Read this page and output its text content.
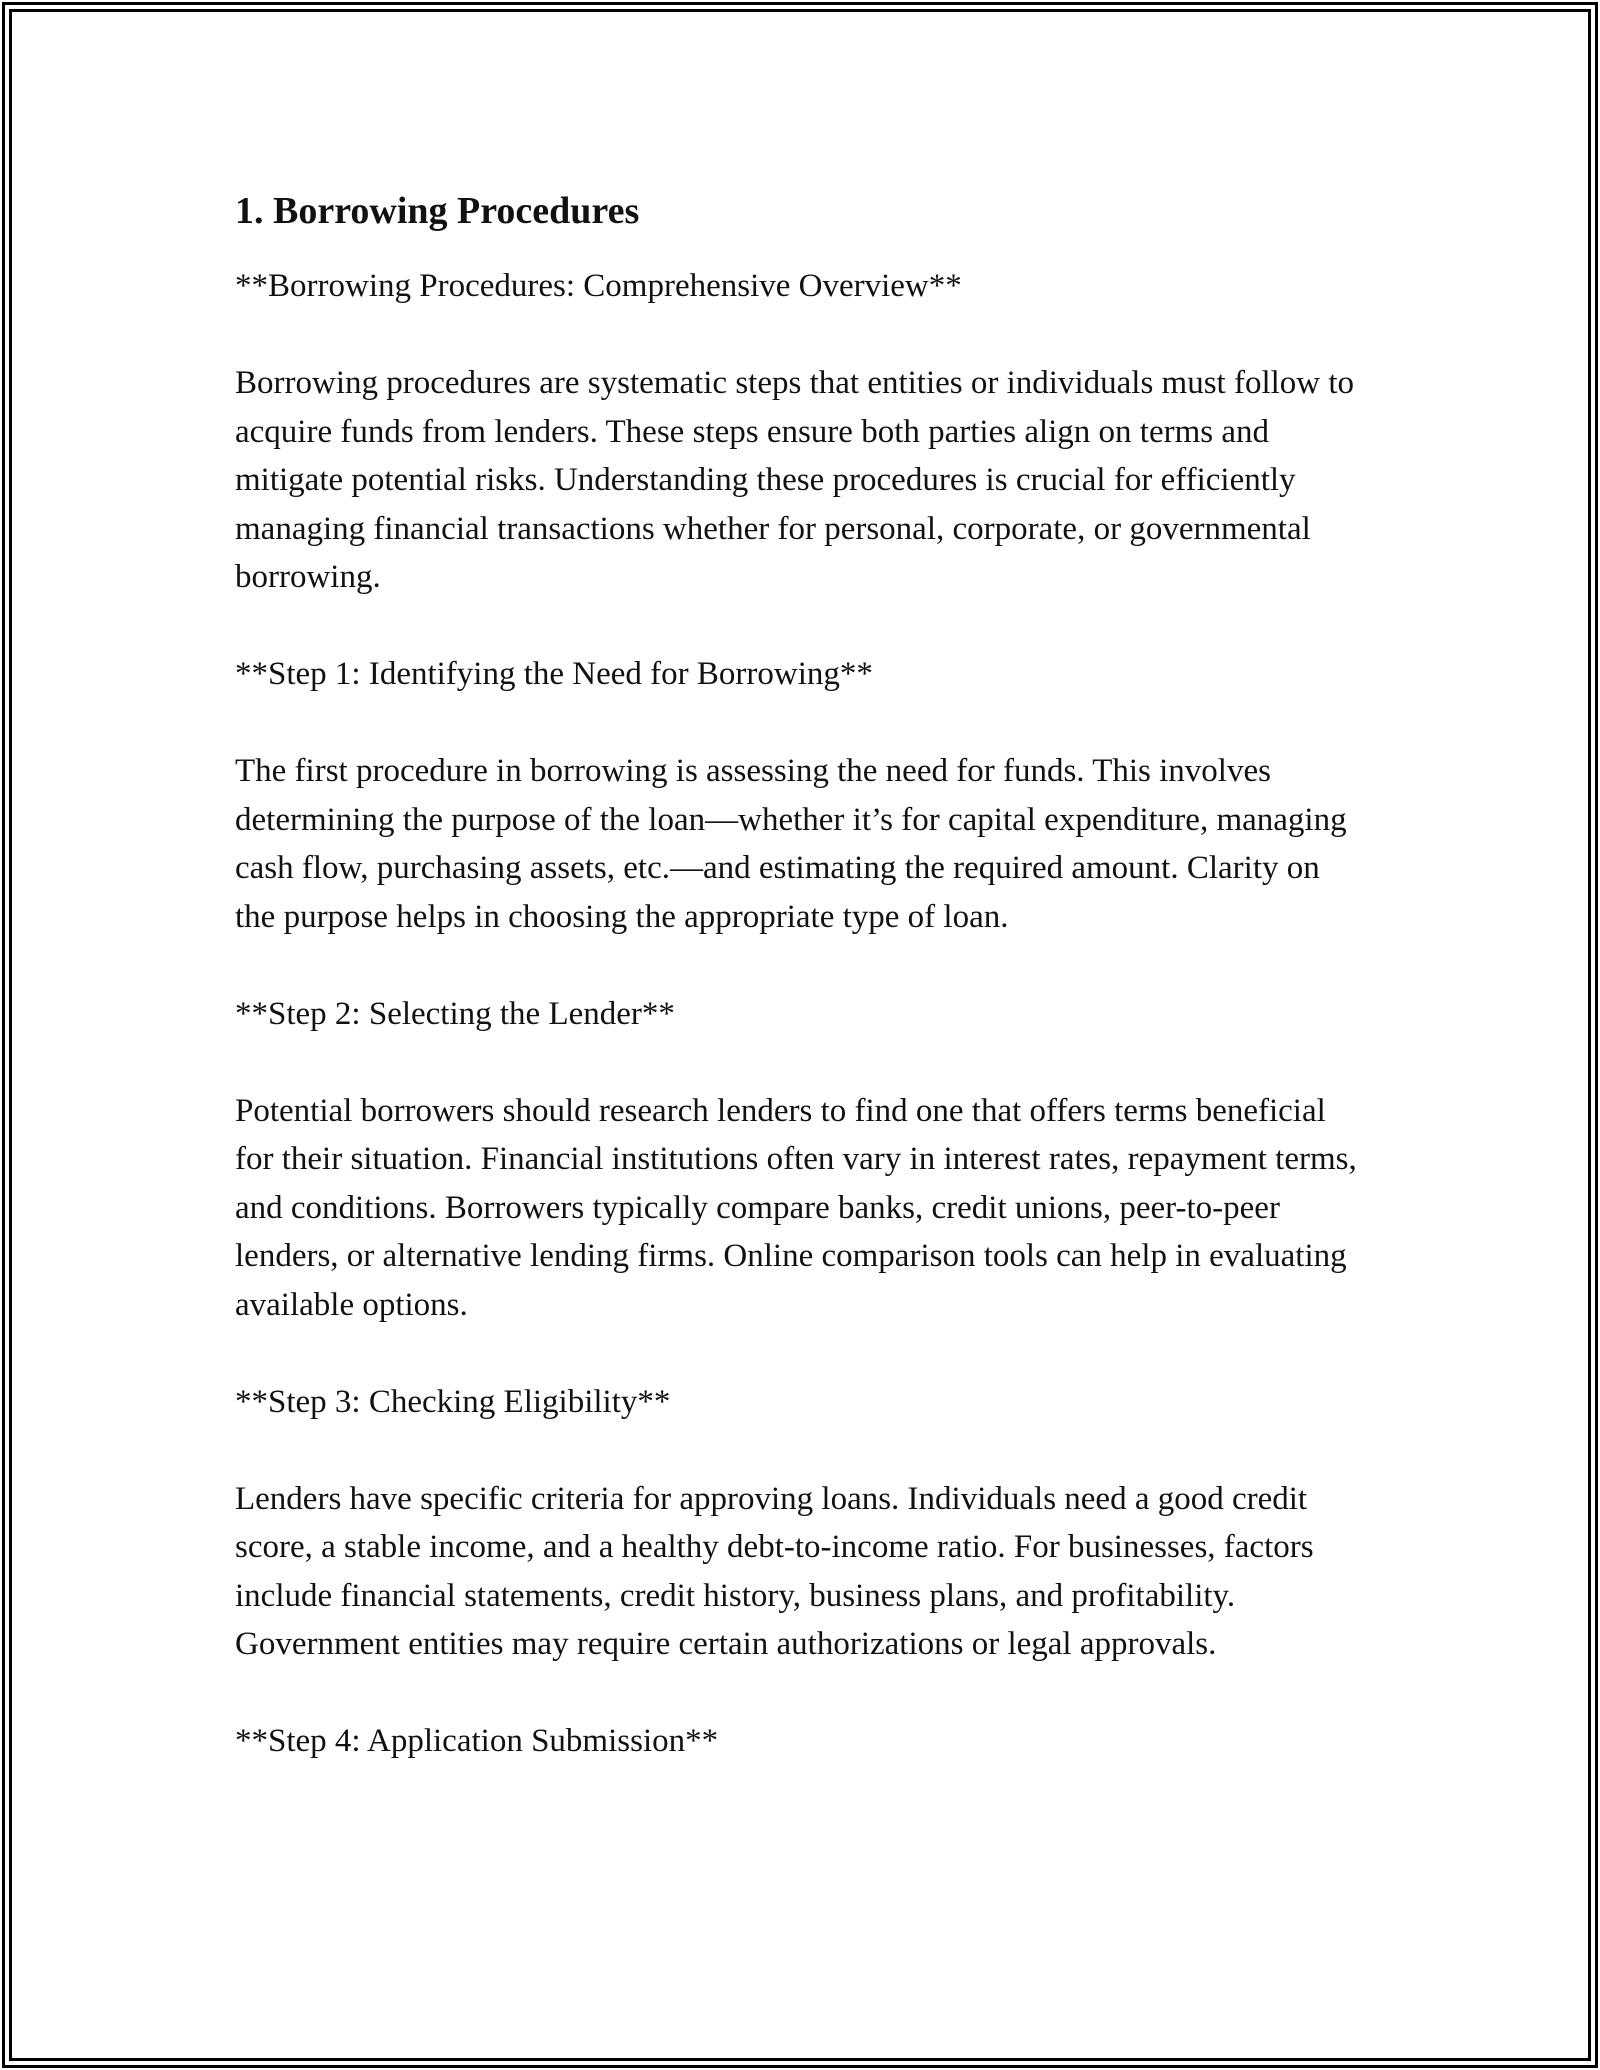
1. Borrowing Procedures

**Borrowing Procedures: Comprehensive Overview**

Borrowing procedures are systematic steps that entities or individuals must follow to acquire funds from lenders. These steps ensure both parties align on terms and mitigate potential risks. Understanding these procedures is crucial for efficiently managing financial transactions whether for personal, corporate, or governmental borrowing.

**Step 1: Identifying the Need for Borrowing**

The first procedure in borrowing is assessing the need for funds. This involves determining the purpose of the loan—whether it’s for capital expenditure, managing cash flow, purchasing assets, etc.—and estimating the required amount. Clarity on the purpose helps in choosing the appropriate type of loan.

**Step 2: Selecting the Lender**

Potential borrowers should research lenders to find one that offers terms beneficial for their situation. Financial institutions often vary in interest rates, repayment terms, and conditions. Borrowers typically compare banks, credit unions, peer-to-peer lenders, or alternative lending firms. Online comparison tools can help in evaluating available options.

**Step 3: Checking Eligibility**

Lenders have specific criteria for approving loans. Individuals need a good credit score, a stable income, and a healthy debt-to-income ratio. For businesses, factors include financial statements, credit history, business plans, and profitability. Government entities may require certain authorizations or legal approvals.

**Step 4: Application Submission**
